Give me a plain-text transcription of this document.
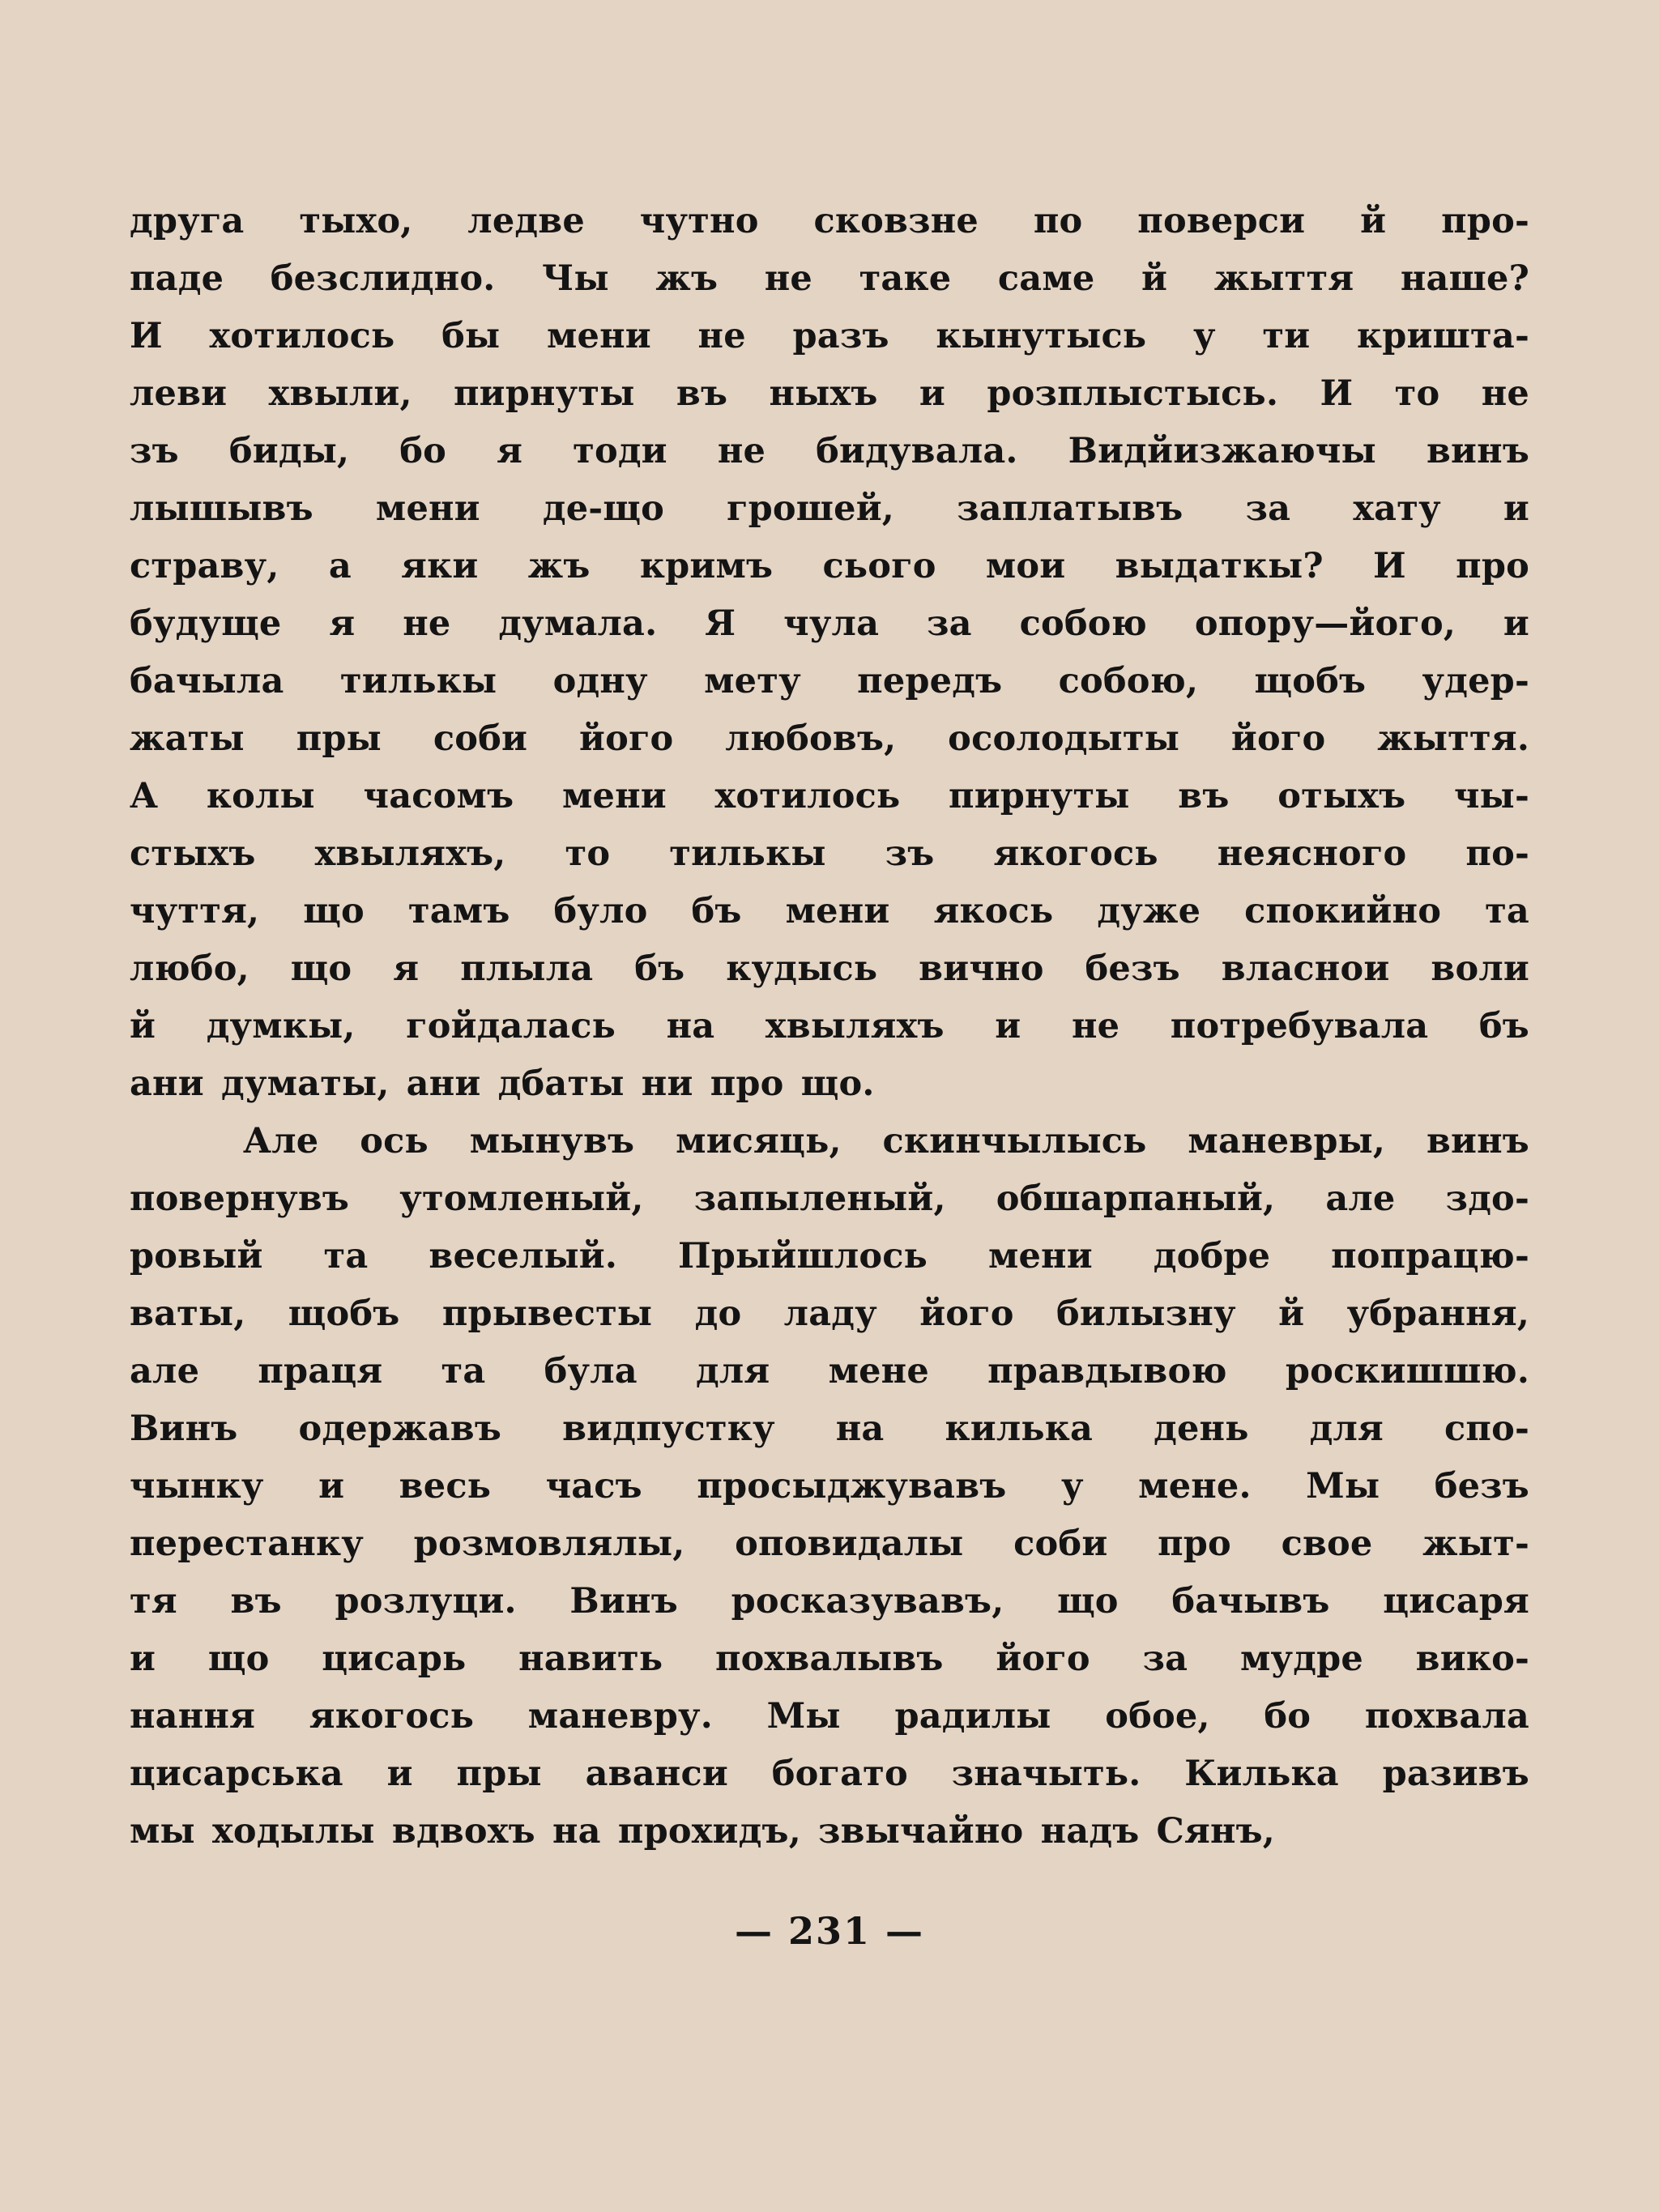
друга тыхо, ледве чутно сковзне по поверси й про-
паде безслидно. Чы жъ не таке саме й жыття наше?
И хотилось бы мени не разъ кынутысь у ти кришта-
леви хвыли, пирнуты въ ныхъ и розплыстысь. И то не
зъ биды, бо я тоди не бидувала. Видйизжаючы винъ
лышывъ мени де-що грошей, заплатывъ за хату и
страву, а яки жъ кримъ сього мои выдаткы? И про
будуще я не думала. Я чула за собою опору—його, и
бачыла тилькы одну мету передъ собою, щобъ удер-
жаты пры соби його любовъ, осолодыты його жыття.
А колы часомъ мени хотилось пирнуты въ отыхъ чы-
стыхъ хвыляхъ, то тилькы зъ якогось неясного по-
чуття, що тамъ було бъ мени якось дуже спокийно та
любо, що я плыла бъ кудысь вично безъ власнои воли
й думкы, гойдалась на хвыляхъ и не потребувала бъ
ани думаты, ани дбаты ни про що.
Але ось мынувъ мисяць, скинчылысь маневры, винъ
повернувъ утомленый, запыленый, обшарпаный, але здо-
ровый та веселый. Прыйшлось мени добре попрацю-
ваты, щобъ прывесты до ладу його билызну й убрання,
але праця та була для мене правдывою роскишшю.
Винъ одержавъ видпустку на килька день для спо-
чынку и весь часъ просыджувавъ у мене. Мы безъ
перестанку розмовлялы, оповидалы соби про свое жыт-
тя въ розлуци. Винъ росказувавъ, що бачывъ цисаря
и що цисарь навить похвалывъ його за мудре викo-
нання якогось маневру. Мы радилы обое, бо похвала
цисарська и пры аванси богато значыть. Килька разивъ
мы ходылы вдвохъ на прохидъ, звычайно надъ Сянъ,
— 231 —
